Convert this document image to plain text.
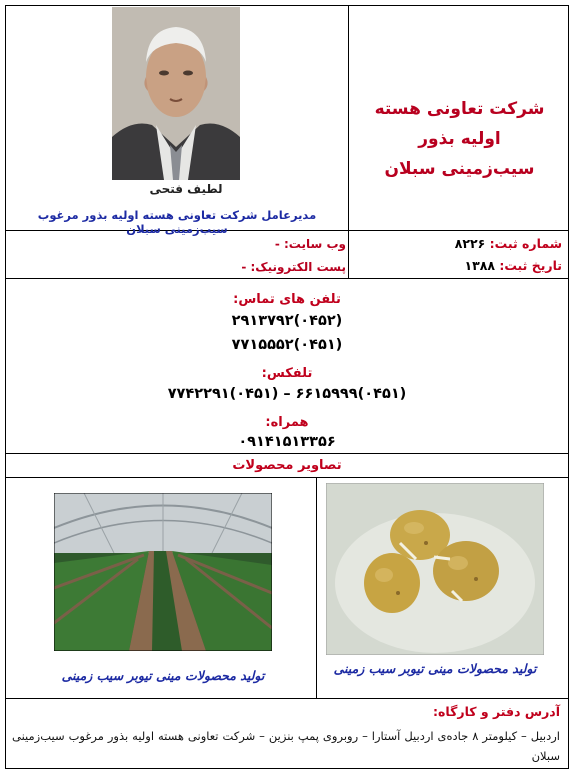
شرکت تعاونی هسته اولیه بذور
سیب‌زمینی سبلان
لطیف فتحی
مدیرعامل شرکت تعاونی هسته اولیه بذور مرغوب سیب‌زمینی سبلان
شماره ثبت: ۸۲۲۶
تاریخ ثبت: ۱۳۸۸
وب سایت: -
پست الکترونیک: -
تلفن های تماس:
(۰۴۵۲)۲۹۱۳۷۹۲
(۰۴۵۱)۷۷۱۵۵۵۲
تلفکس:
(۰۴۵۱)۶۶۱۵۹۹۹ – (۰۴۵۱)۷۷۴۲۲۹۱
همراه:
۰۹۱۴۱۵۱۳۳۵۶
تصاویر محصولات
تولید محصولات مینی تیوبر سیب زمینی	تولید محصولات مینی تیوبر سیب زمینی
آدرس دفتر و کارگاه:
اردبیل – کیلومتر ۸ جاده‌ی اردبیل آستارا – روبروی پمپ بنزین – شرکت تعاونی هسته اولیه بذور مرغوب سیب‌زمینی سبلان
